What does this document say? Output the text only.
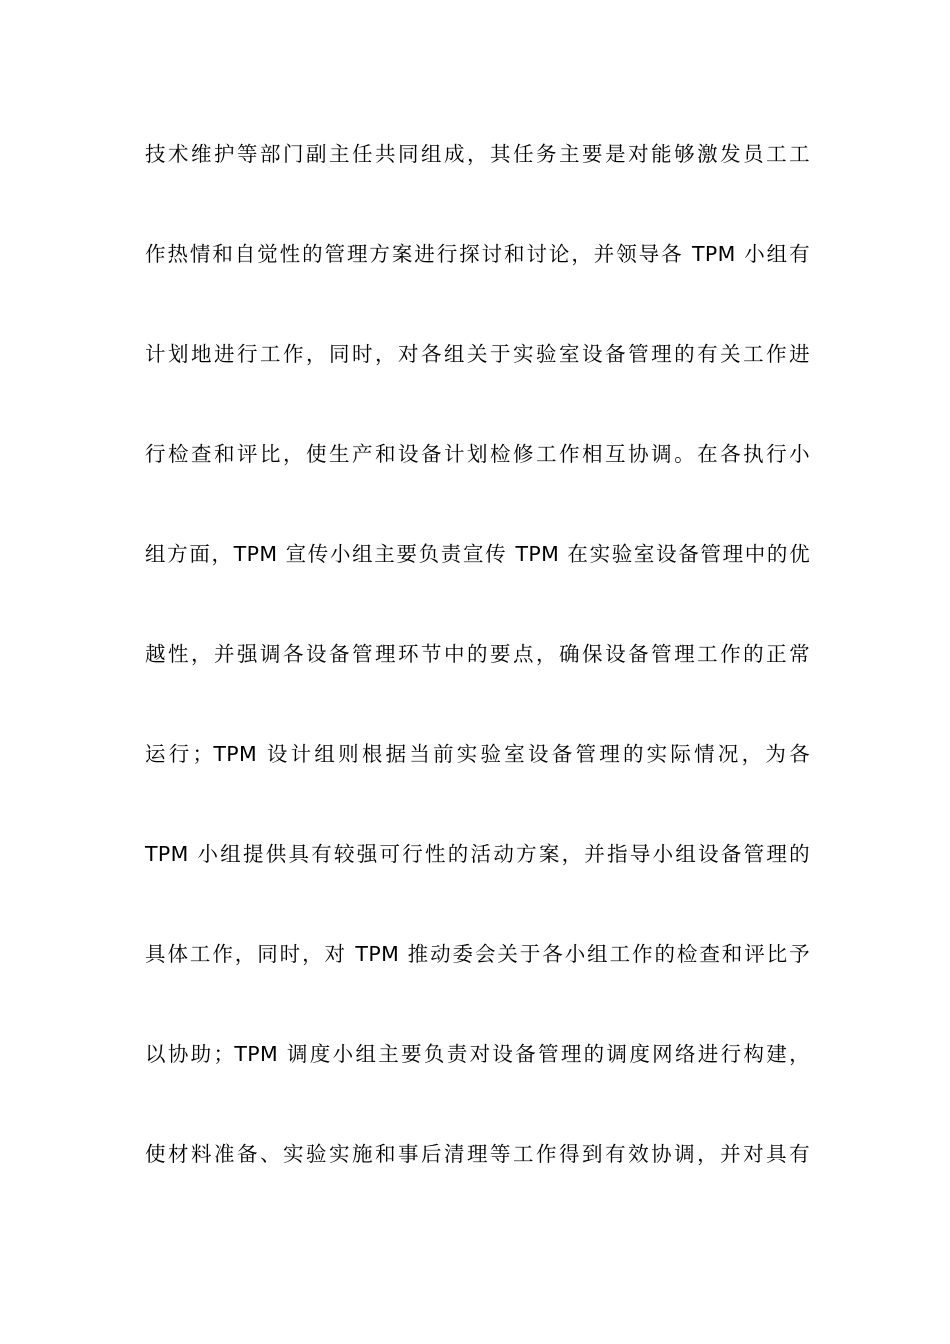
技术维护等部门副主任共同组成，其任务主要是对能够激发员工工
作热情和自觉性的管理方案进行探讨和讨论，并领导各 TPM 小组有
计划地进行工作，同时，对各组关于实验室设备管理的有关工作进
行检查和评比，使生产和设备计划检修工作相互协调。在各执行小
组方面，TPM 宣传小组主要负责宣传 TPM 在实验室设备管理中的优
越性，并强调各设备管理环节中的要点，确保设备管理工作的正常
运行；TPM 设计组则根据当前实验室设备管理的实际情况，为各
TPM 小组提供具有较强可行性的活动方案，并指导小组设备管理的
具体工作，同时，对 TPM 推动委会关于各小组工作的检查和评比予
以协助；TPM 调度小组主要负责对设备管理的调度网络进行构建，
使材料准备、实验实施和事后清理等工作得到有效协调，并对具有
